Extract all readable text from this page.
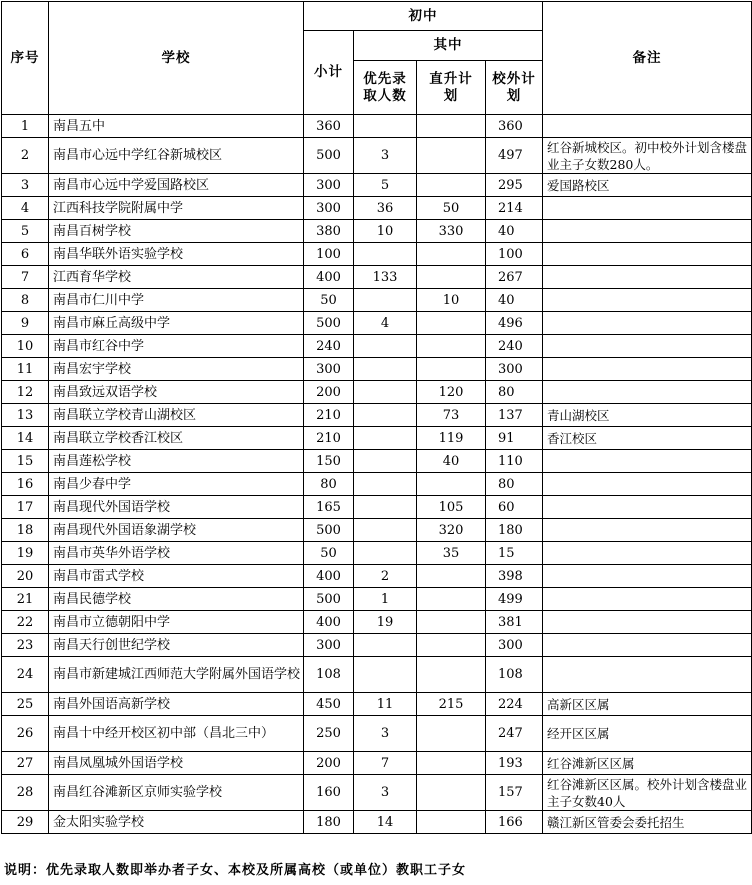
序号	学校	初中				备注
		小计	其中			
			优先录取人数	直升计划	校外计划	
1	南昌五中	360			360	
2	南昌市心远中学红谷新城校区	500	3		497	红谷新城校区。初中校外计划含楼盘业主子女数280人。
3	南昌市心远中学爱国路校区	300	5		295	爱国路校区
4	江西科技学院附属中学	300	36	50	214	
5	南昌百树学校	380	10	330	40	
6	南昌华联外语实验学校	100			100	
7	江西育华学校	400	133		267	
8	南昌市仁川中学	50		10	40	
9	南昌市麻丘高级中学	500	4		496	
10	南昌市红谷中学	240			240	
11	南昌宏宇学校	300			300	
12	南昌致远双语学校	200		120	80	
13	南昌联立学校青山湖校区	210		73	137	青山湖校区
14	南昌联立学校香江校区	210		119	91	香江校区
15	南昌莲松学校	150		40	110	
16	南昌少春中学	80			80	
17	南昌现代外国语学校	165		105	60	
18	南昌现代外国语象湖学校	500		320	180	
19	南昌市英华外语学校	50		35	15	
20	南昌市雷式学校	400	2		398	
21	南昌民德学校	500	1		499	
22	南昌市立德朝阳中学	400	19		381	
23	南昌天行创世纪学校	300			300	
24	南昌市新建城江西师范大学附属外国语学校	108			108	
25	南昌外国语高新学校	450	11	215	224	高新区区属
26	南昌十中经开校区初中部（昌北三中）	250	3		247	经开区区属
27	南昌凤凰城外国语学校	200	7		193	红谷滩新区区属
28	南昌红谷滩新区京师实验学校	160	3		157	红谷滩新区区属。校外计划含楼盘业主子女数40人
29	金太阳实验学校	180	14		166	赣江新区管委会委托招生
说明：优先录取人数即举办者子女、本校及所属高校（或单位）教职工子女
